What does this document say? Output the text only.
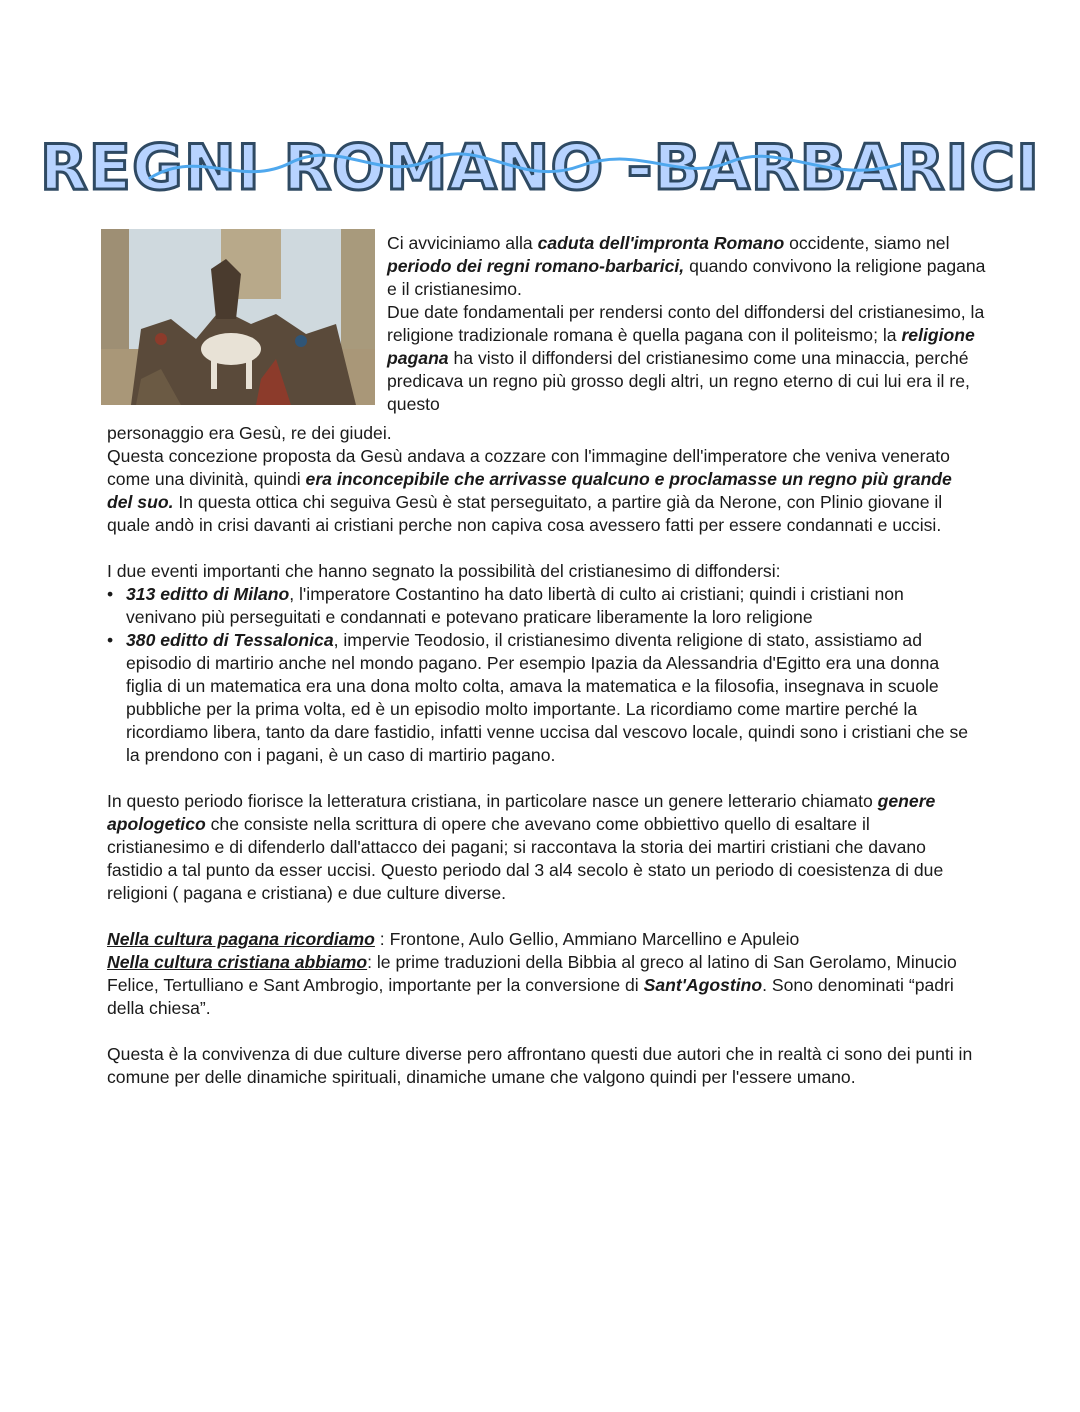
REGNI ROMANO -BARBARICI

Ci avviciniamo alla caduta dell'impronta Romano occidente, siamo nel periodo dei regni romano-barbarici, quando convivono la religione pagana e il cristianesimo.

Due date fondamentali per rendersi conto del diffondersi del cristianesimo, la religione tradizionale romana è quella pagana con il politeismo; la religione pagana ha visto il diffondersi del cristianesimo come una minaccia, perché predicava un regno più grosso degli altri, un regno eterno di cui lui era il re, questo

personaggio era Gesù, re dei giudei.

Questa concezione proposta da Gesù andava a cozzare con l'immagine dell'imperatore che veniva venerato come una divinità, quindi era inconcepibile che arrivasse qualcuno e proclamasse un regno più grande del suo. In questa ottica chi seguiva Gesù è stat perseguitato, a partire già da Nerone, con Plinio giovane il quale andò in crisi davanti ai cristiani perche non capiva cosa avessero fatti per essere condannati e uccisi.

I due eventi importanti che hanno segnato la possibilità del cristianesimo di diffondersi:

• 313 editto di Milano, l'imperatore Costantino ha dato libertà di culto ai cristiani; quindi i cristiani non venivano più perseguitati e condannati e potevano praticare liberamente la loro religione
• 380 editto di Tessalonica, impervie Teodosio, il cristianesimo diventa religione di stato, assistiamo ad episodio di martirio anche nel mondo pagano. Per esempio Ipazia da Alessandria d'Egitto era una donna figlia di un matematica era una dona molto colta, amava la matematica e la filosofia, insegnava in scuole pubbliche per la prima volta, ed è un episodio molto importante. La ricordiamo come martire perché la ricordiamo libera, tanto da dare fastidio, infatti venne uccisa dal vescovo locale, quindi sono i cristiani che se la prendono con i pagani, è un caso di martirio pagano.

In questo periodo fiorisce la letteratura cristiana, in particolare nasce un genere letterario chiamato genere apologetico che consiste nella scrittura di opere che avevano come obbiettivo quello di esaltare il cristianesimo e di difenderlo dall'attacco dei pagani; si raccontava la storia dei martiri cristiani che davano fastidio a tal punto da esser uccisi. Questo periodo dal 3 al4 secolo è stato un periodo di coesistenza di due religioni ( pagana e cristiana) e due culture diverse.

Nella cultura pagana ricordiamo : Frontone, Aulo Gellio, Ammiano Marcellino e Apuleio

Nella cultura cristiana abbiamo: le prime traduzioni della Bibbia al greco al latino di San Gerolamo, Minucio Felice, Tertulliano e Sant Ambrogio, importante per la conversione di Sant'Agostino. Sono denominati “padri della chiesa”.

Questa è la convivenza di due culture diverse pero affrontano questi due autori che in realtà ci sono dei punti in comune per delle dinamiche spirituali, dinamiche umane che valgono quindi per l'essere umano.
